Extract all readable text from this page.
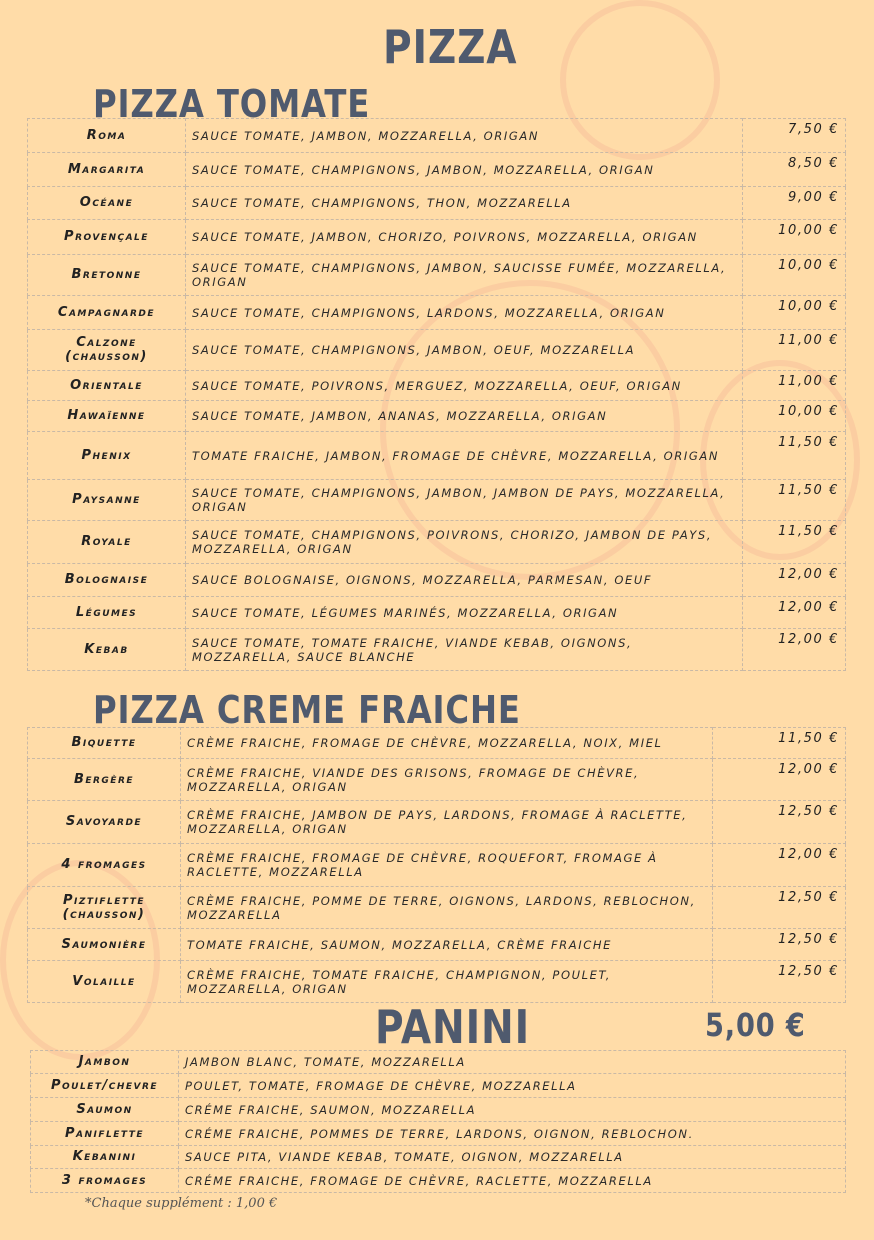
PIZZA
PIZZA TOMATE
Roma	SAUCE TOMATE, JAMBON, MOZZARELLA, ORIGAN	7,50 €
Margarita	SAUCE TOMATE, CHAMPIGNONS, JAMBON, MOZZARELLA, ORIGAN	8,50 €
Océane	SAUCE TOMATE, CHAMPIGNONS, THON, MOZZARELLA	9,00 €
Provençale	SAUCE TOMATE, JAMBON, CHORIZO, POIVRONS, MOZZARELLA, ORIGAN	10,00 €
Bretonne	SAUCE TOMATE, CHAMPIGNONS, JAMBON, SAUCISSE FUMÉE, MOZZARELLA, ORIGAN	10,00 €
Campagnarde	SAUCE TOMATE, CHAMPIGNONS, LARDONS, MOZZARELLA, ORIGAN	10,00 €
Calzone (chausson)	SAUCE TOMATE, CHAMPIGNONS, JAMBON, OEUF, MOZZARELLA	11,00 €
Orientale	SAUCE TOMATE, POIVRONS, MERGUEZ, MOZZARELLA, OEUF, ORIGAN	11,00 €
Hawaïenne	SAUCE TOMATE, JAMBON, ANANAS, MOZZARELLA, ORIGAN	10,00 €
Phenix	TOMATE FRAICHE, JAMBON, FROMAGE DE CHÈVRE, MOZZARELLA, ORIGAN	11,50 €
Paysanne	SAUCE TOMATE, CHAMPIGNONS, JAMBON, JAMBON DE PAYS, MOZZARELLA, ORIGAN	11,50 €
Royale	SAUCE TOMATE, CHAMPIGNONS, POIVRONS, CHORIZO, JAMBON DE PAYS, MOZZARELLA, ORIGAN	11,50 €
Bolognaise	SAUCE BOLOGNAISE, OIGNONS, MOZZARELLA, PARMESAN, OEUF	12,00 €
Légumes	SAUCE TOMATE, LÉGUMES MARINÉS, MOZZARELLA, ORIGAN	12,00 €
Kebab	SAUCE TOMATE, TOMATE FRAICHE, VIANDE KEBAB, OIGNONS, MOZZARELLA, SAUCE BLANCHE	12,00 €
PIZZA CREME FRAICHE
Biquette	CRÈME FRAICHE, FROMAGE DE CHÈVRE, MOZZARELLA, NOIX, MIEL	11,50 €
Bergère	CRÈME FRAICHE, VIANDE DES GRISONS, FROMAGE DE CHÈVRE, MOZZARELLA, ORIGAN	12,00 €
Savoyarde	CRÈME FRAICHE, JAMBON DE PAYS, LARDONS, FROMAGE À RACLETTE, MOZZARELLA, ORIGAN	12,50 €
4 fromages	CRÈME FRAICHE, FROMAGE DE CHÈVRE, ROQUEFORT, FROMAGE À RACLETTE, MOZZARELLA	12,00 €
Piztiflette (chausson)	CRÈME FRAICHE, POMME DE TERRE, OIGNONS, LARDONS, REBLOCHON, MOZZARELLA	12,50 €
Saumonière	TOMATE FRAICHE, SAUMON, MOZZARELLA, CRÈME FRAICHE	12,50 €
Volaille	CRÈME FRAICHE, TOMATE FRAICHE, CHAMPIGNON, POULET, MOZZARELLA, ORIGAN	12,50 €
PANINI	5,00 €
Jambon	JAMBON BLANC, TOMATE, MOZZARELLA
Poulet/chevre	POULET, TOMATE, FROMAGE DE CHÈVRE, MOZZARELLA
Saumon	CRÉME FRAICHE, SAUMON, MOZZARELLA
Paniflette	CRÉME FRAICHE, POMMES DE TERRE, LARDONS, OIGNON, REBLOCHON.
Kebanini	SAUCE PITA, VIANDE KEBAB, TOMATE, OIGNON, MOZZARELLA
3 fromages	CRÉME FRAICHE, FROMAGE DE CHÈVRE, RACLETTE, MOZZARELLA
*Chaque supplément : 1,00 €
